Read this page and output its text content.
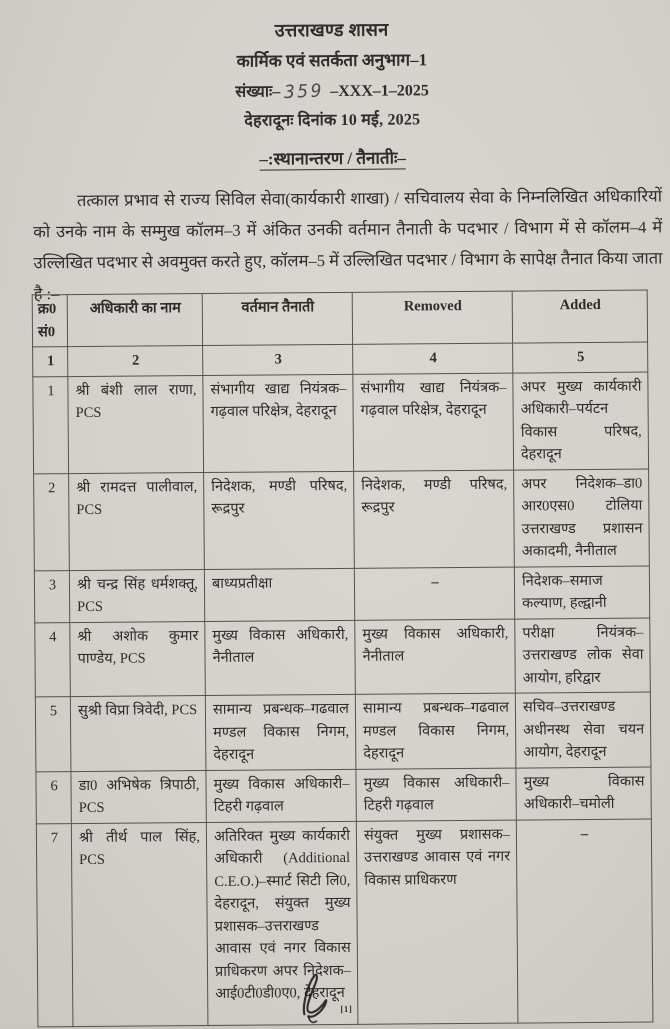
उत्तराखण्ड शासन
कार्मिक एवं सतर्कता अनुभाग–1
संख्याः– 359 –XXX–1–2025
देहरादूनः दिनांक 10 मई, 2025
–:स्थानान्तरण / तैनातीः–
तत्काल प्रभाव से राज्य सिविल सेवा(कार्यकारी शाखा) / सचिवालय सेवा के निम्नलिखित अधिकारियों को उनके नाम के सम्मुख कॉलम–3 में अंकित उनकी वर्तमान तैनाती के पदभार / विभाग में से कॉलम–4 में उल्लिखित पदभार से अवमुक्त करते हुए, कॉलम–5 में उल्लिखित पदभार / विभाग के सापेक्ष तैनात किया जाता है :–
क्र0
सं0	अधिकारी का नाम	वर्तमान तैनाती	Removed	Added
1	2	3	4	5
1	श्री बंशी लाल राणा, PCS	संभागीय खाद्य नियंत्रक–गढ़वाल परिक्षेत्र, देहरादून	संभागीय खाद्य नियंत्रक–गढ़वाल परिक्षेत्र, देहरादून	अपर मुख्य कार्यकारी अधिकारी–पर्यटन विकास परिषद, देहरादून
2	श्री रामदत्त पालीवाल, PCS	निदेशक, मण्डी परिषद, रूद्रपुर	निदेशक, मण्डी परिषद, रूद्रपुर	अपर निदेशक–डा0 आर0एस0 टोलिया उत्तराखण्ड प्रशासन अकादमी, नैनीताल
3	श्री चन्द्र सिंह धर्मशक्तू, PCS	बाध्यप्रतीक्षा	–	निदेशक–समाज कल्याण, हल्द्वानी
4	श्री अशोक कुमार पाण्डेय, PCS	मुख्य विकास अधिकारी, नैनीताल	मुख्य विकास अधिकारी, नैनीताल	परीक्षा नियंत्रक–उत्तराखण्ड लोक सेवा आयोग, हरिद्वार
5	सुश्री विप्रा त्रिवेदी, PCS	सामान्य प्रबन्धक–गढवाल मण्डल विकास निगम, देहरादून	सामान्य प्रबन्धक–गढवाल मण्डल विकास निगम, देहरादून	सचिव–उत्तराखण्ड अधीनस्थ सेवा चयन आयोग, देहरादून
6	डा0 अभिषेक त्रिपाठी, PCS	मुख्य विकास अधिकारी–टिहरी गढ़वाल	मुख्य विकास अधिकारी–टिहरी गढ़वाल	मुख्य विकास अधिकारी–चमोली
7	श्री तीर्थ पाल सिंह, PCS	अतिरिक्त मुख्य कार्यकारी अधिकारी (Additional C.E.O.)–स्मार्ट सिटी लि0, देहरादून, संयुक्त मुख्य प्रशासक–उत्तराखण्ड आवास एवं नगर विकास प्राधिकरण अपर निदेशक–आई0टी0डी0ए0, देहरादून	संयुक्त मुख्य प्रशासक–उत्तराखण्ड आवास एवं नगर विकास प्राधिकरण	–
[1]
